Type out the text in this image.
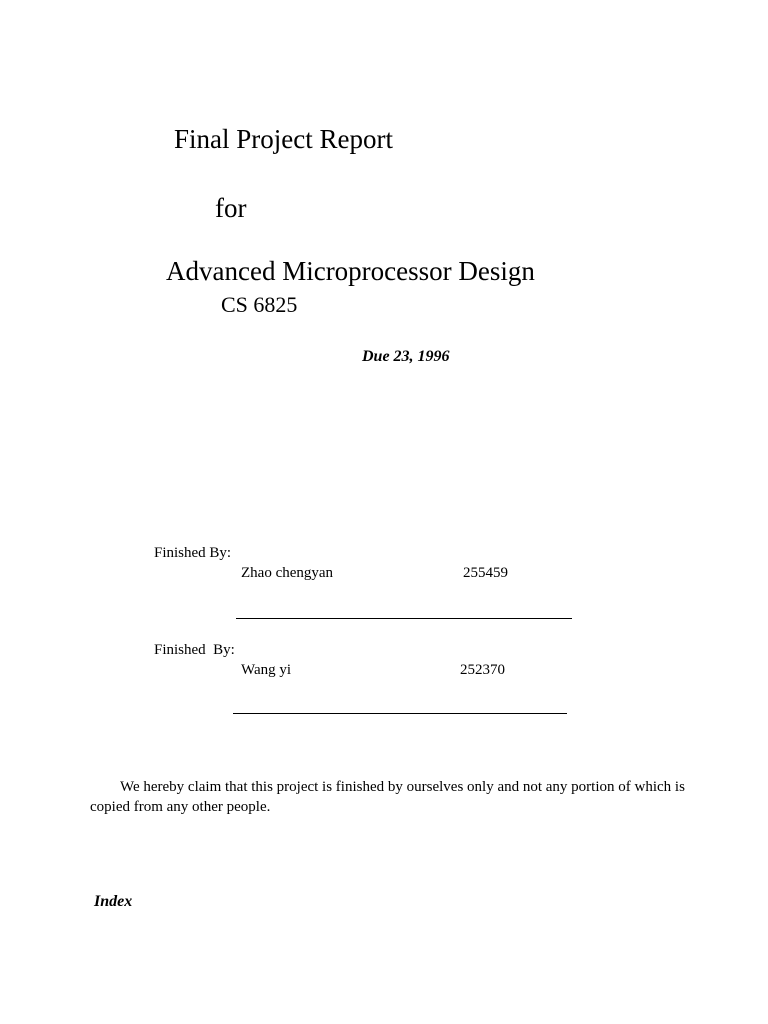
Final Project Report
for
Advanced Microprocessor Design
CS 6825
Due 23, 1996
Finished By:
Zhao chengyan	255459
Finished  By:
Wang yi	252370
We hereby claim that this project is finished by ourselves only and not any portion of which is copied from any other people.
Index
